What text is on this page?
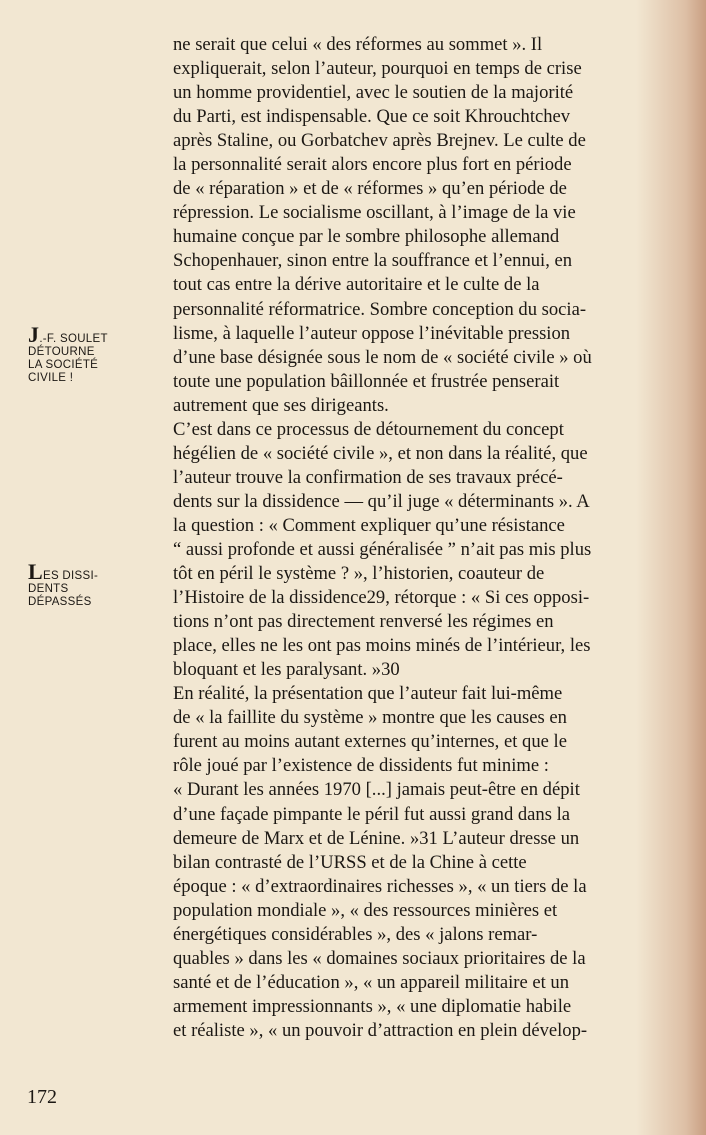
J.-F. SOULET
DÉTOURNE
LA SOCIÉTÉ
CIVILE !
LES DISSI-
DENTS
DÉPASSÉS
ne serait que celui « des réformes au sommet ». Il
expliquerait, selon l’auteur, pourquoi en temps de crise
un homme providentiel, avec le soutien de la majorité
du Parti, est indispensable. Que ce soit Khrouchtchev
après Staline, ou Gorbatchev après Brejnev. Le culte de
la personnalité serait alors encore plus fort en période
de « réparation » et de « réformes » qu’en période de
répression. Le socialisme oscillant, à l’image de la vie
humaine conçue par le sombre philosophe allemand
Schopenhauer, sinon entre la souffrance et l’ennui, en
tout cas entre la dérive autoritaire et le culte de la
personnalité réformatrice. Sombre conception du socia-
lisme, à laquelle l’auteur oppose l’inévitable pression
d’une base désignée sous le nom de « société civile » où
toute une population bâillonnée et frustrée penserait
autrement que ses dirigeants.
C’est dans ce processus de détournement du concept
hégélien de « société civile », et non dans la réalité, que
l’auteur trouve la confirmation de ses travaux précé-
dents sur la dissidence — qu’il juge « déterminants ». A
la question : « Comment expliquer qu’une résistance
“ aussi profonde et aussi généralisée ” n’ait pas mis plus
tôt en péril le système ? », l’historien, coauteur de
l’Histoire de la dissidence29, rétorque : « Si ces opposi-
tions n’ont pas directement renversé les régimes en
place, elles ne les ont pas moins minés de l’intérieur, les
bloquant et les paralysant. »30
En réalité, la présentation que l’auteur fait lui-même
de « la faillite du système » montre que les causes en
furent au moins autant externes qu’internes, et que le
rôle joué par l’existence de dissidents fut minime :
« Durant les années 1970 [...] jamais peut-être en dépit
d’une façade pimpante le péril fut aussi grand dans la
demeure de Marx et de Lénine. »31 L’auteur dresse un
bilan contrasté de l’URSS et de la Chine à cette
époque : « d’extraordinaires richesses », « un tiers de la
population mondiale », « des ressources minières et
énergétiques considérables », des « jalons remar-
quables » dans les « domaines sociaux prioritaires de la
santé et de l’éducation », « un appareil militaire et un
armement impressionnants », « une diplomatie habile
et réaliste », « un pouvoir d’attraction en plein dévelop-
172
